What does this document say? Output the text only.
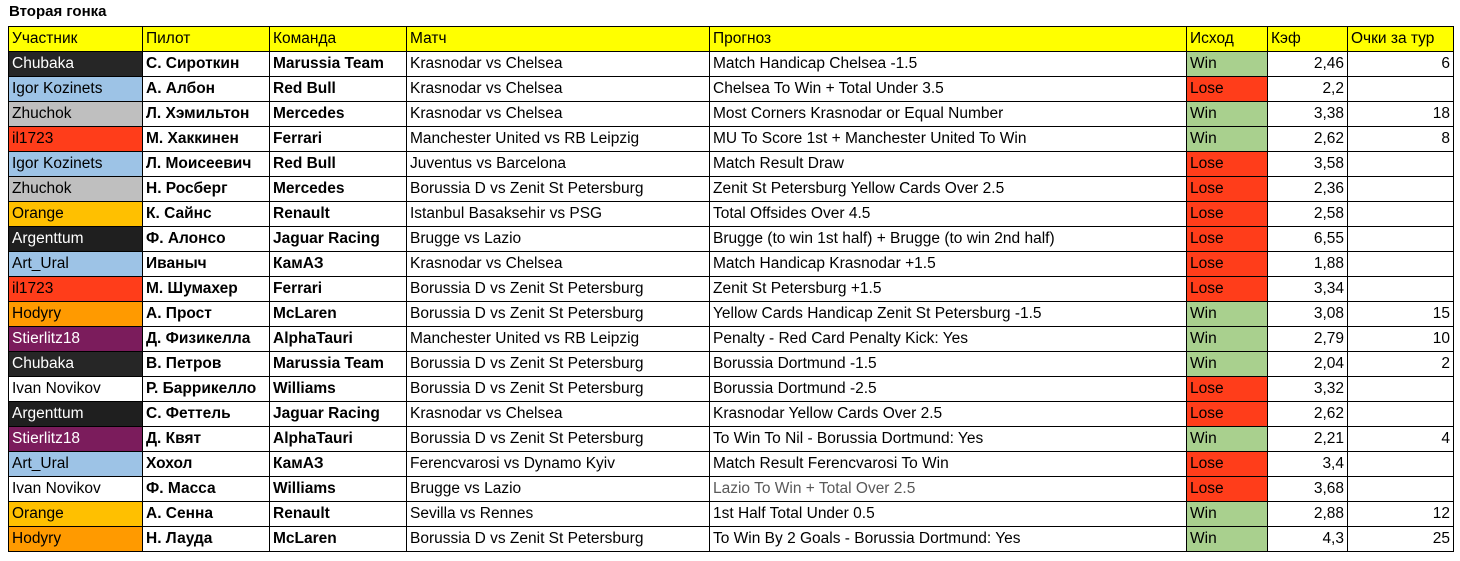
Вторая гонка
Участник	Пилот	Команда	Матч	Прогноз	Исход	Кэф	Очки за тур
Chubaka	С. Сироткин	Marussia Team	Krasnodar vs Chelsea	Match Handicap Chelsea -1.5	Win	2,46	6
Igor Kozinets	А. Албон	Red Bull	Krasnodar vs Chelsea	Chelsea To Win + Total Under 3.5	Lose	2,2	
Zhuchok	Л. Хэмильтон	Mercedes	Krasnodar vs Chelsea	Most Corners Krasnodar or Equal Number	Win	3,38	18
il1723	М. Хаккинен	Ferrari	Manchester United vs RB Leipzig	MU To Score 1st + Manchester United To Win	Win	2,62	8
Igor Kozinets	Л. Моисеевич	Red Bull	Juventus vs Barcelona	Match Result Draw	Lose	3,58	
Zhuchok	Н. Росберг	Mercedes	Borussia D vs Zenit St Petersburg	Zenit St Petersburg Yellow Cards Over 2.5	Lose	2,36	
Orange	К. Сайнс	Renault	Istanbul Basaksehir vs PSG	Total Offsides Over 4.5	Lose	2,58	
Argenttum	Ф. Алонсо	Jaguar Racing	Brugge vs Lazio	Brugge (to win 1st half) + Brugge (to win 2nd half)	Lose	6,55	
Art_Ural	Иваныч	КамАЗ	Krasnodar vs Chelsea	Match Handicap Krasnodar +1.5	Lose	1,88	
il1723	М. Шумахер	Ferrari	Borussia D vs Zenit St Petersburg	Zenit St Petersburg +1.5	Lose	3,34	
Hodyry	А. Прост	McLaren	Borussia D vs Zenit St Petersburg	Yellow Cards Handicap Zenit St Petersburg -1.5	Win	3,08	15
Stierlitz18	Д. Физикелла	AlphaTauri	Manchester United vs RB Leipzig	Penalty - Red Card Penalty Kick: Yes	Win	2,79	10
Chubaka	В. Петров	Marussia Team	Borussia D vs Zenit St Petersburg	Borussia Dortmund -1.5	Win	2,04	2
Ivan Novikov	Р. Баррикелло	Williams	Borussia D vs Zenit St Petersburg	Borussia Dortmund -2.5	Lose	3,32	
Argenttum	С. Феттель	Jaguar Racing	Krasnodar vs Chelsea	Krasnodar Yellow Cards Over 2.5	Lose	2,62	
Stierlitz18	Д. Квят	AlphaTauri	Borussia D vs Zenit St Petersburg	To Win To Nil - Borussia Dortmund: Yes	Win	2,21	4
Art_Ural	Хохол	КамАЗ	Ferencvarosi vs Dynamo Kyiv	Match Result Ferencvarosi To Win	Lose	3,4	
Ivan Novikov	Ф. Масса	Williams	Brugge vs Lazio	Lazio To Win + Total Over 2.5	Lose	3,68	
Orange	А. Сенна	Renault	Sevilla vs Rennes	1st Half Total Under 0.5	Win	2,88	12
Hodyry	Н. Лауда	McLaren	Borussia D vs Zenit St Petersburg	To Win By 2 Goals - Borussia Dortmund: Yes	Win	4,3	25
